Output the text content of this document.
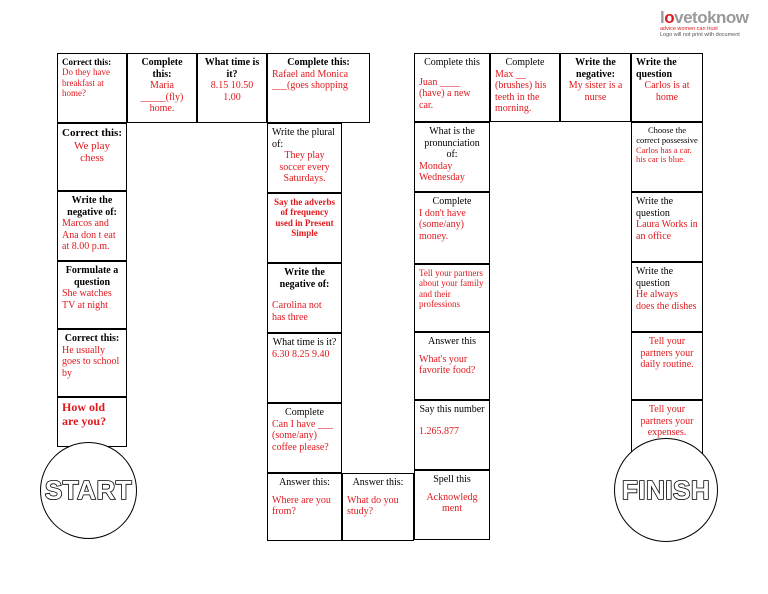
lovetoknow
advice women can trust
Logo will not print with document
Correct this:
Do they have breakfast at home?
Correct this:
We play chess
Write the negative of:
Marcos and Ana don t eat at 8.00 p.m.
Formulate a question
She watches TV at night
Correct this:
He usually goes to school by
How old are you?
START
Complete this:
Maria _____(fly) home.
What time is it?
8.15 10.50 1.00
Complete this:
Rafael and Monica ___(goes shopping
Write the plural of:
They play soccer every Saturdays.
Say the adverbs of frequency used in Present Simple
Write the negative of:
Carolina not has three
What time is it?
6.30 8.25 9.40
Complete
Can I have ___ (some/any) coffee please?
Answer this:
Where are you from?
Answer this:
What do you study?
Spell this
Acknowledg ment
Say this number
1.265.877
Answer this
What's your favorite food?
Tell your partners about your family and their professions
Complete
I don't have (some/any) money.
What is the pronunciation of:
Monday Wednesday
Complete this
Juan ____ (have) a new car.
Complete
Max __ (brushes) his teeth in the morning.
Write the negative:
My sister is a nurse
Write the question
Carlos is at home
Choose the correct possessive
Carlos has a car. his car is blue.
Write the question
Laura Works in an office
Write the question
He always does the dishes
Tell your partners your daily routine.
Tell your partners your expenses.
FINISH
